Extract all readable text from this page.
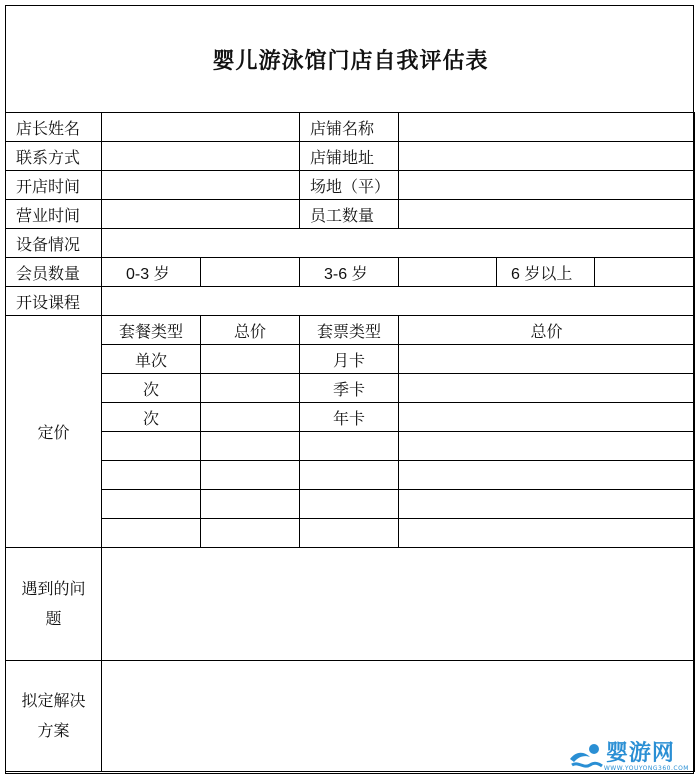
婴儿游泳馆门店自我评估表
店长姓名			店铺名称			
联系方式			店铺地址			
开店时间			场地（平）			
营业时间			员工数量			
设备情况						
会员数量	0-3 岁		3-6 岁		6 岁以上	
开设课程						
定价	套餐类型	总价	套票类型	总价		
	单次		月卡			
	次		季卡			
	次		年卡			

遇到的问题						

拟定解决方案						

婴游网
WWW.YOUYONG360.COM
